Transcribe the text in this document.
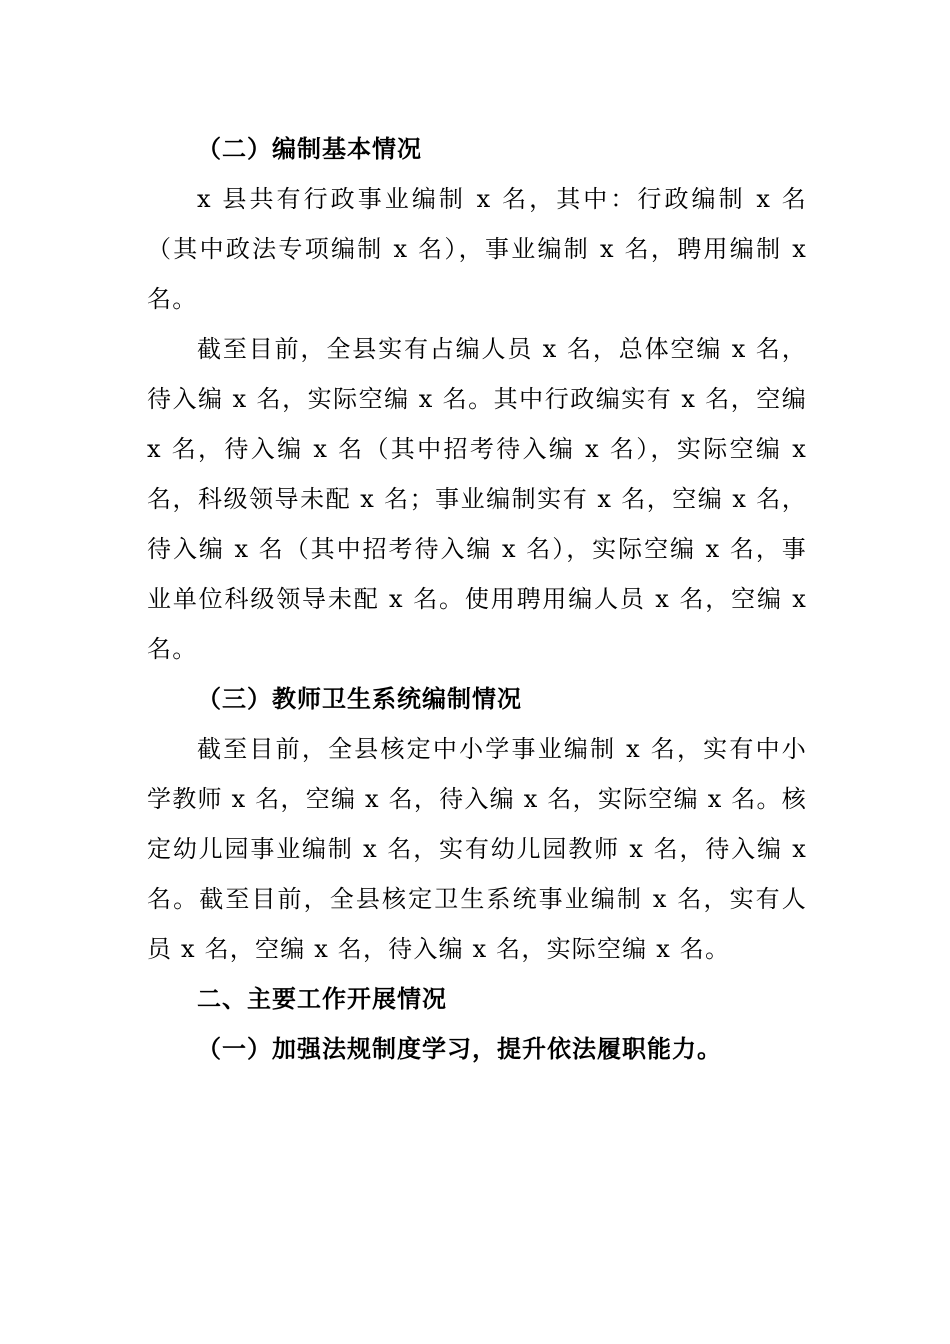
（二）编制基本情况

x 县共有行政事业编制 x 名，其中：行政编制 x 名（其中政法专项编制 x 名），事业编制 x 名，聘用编制 x 名。

截至目前，全县实有占编人员 x 名，总体空编 x 名，待入编 x 名，实际空编 x 名。其中行政编实有 x 名，空编 x 名，待入编 x 名（其中招考待入编 x 名），实际空编 x 名，科级领导未配 x 名；事业编制实有 x 名，空编 x 名，待入编 x 名（其中招考待入编 x 名），实际空编 x 名，事业单位科级领导未配 x 名。使用聘用编人员 x 名，空编 x 名。

（三）教师卫生系统编制情况

截至目前，全县核定中小学事业编制 x 名，实有中小学教师 x 名，空编 x 名，待入编 x 名，实际空编 x 名。核定幼儿园事业编制 x 名，实有幼儿园教师 x 名，待入编 x 名。截至目前，全县核定卫生系统事业编制 x 名，实有人员 x 名，空编 x 名，待入编 x 名，实际空编 x 名。

二、主要工作开展情况

（一）加强法规制度学习，提升依法履职能力。
